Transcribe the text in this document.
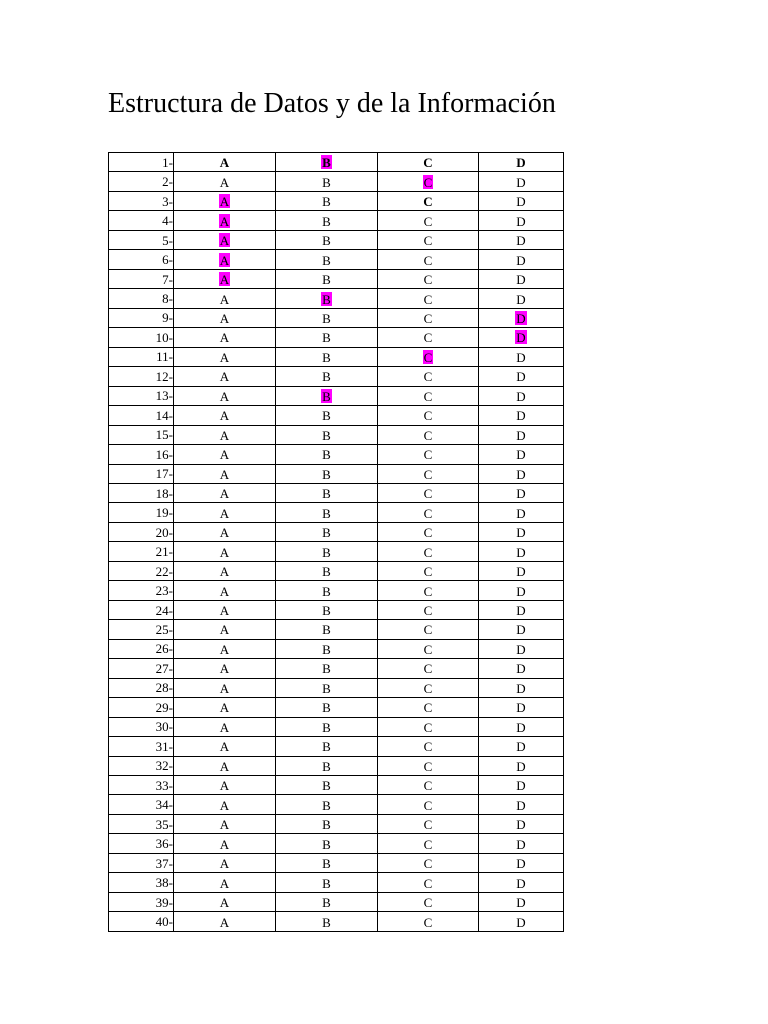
Estructura de Datos y de la Información
1-	A	B	C	D
2-	A	B	C	D
3-	A	B	C	D
4-	A	B	C	D
5-	A	B	C	D
6-	A	B	C	D
7-	A	B	C	D
8-	A	B	C	D
9-	A	B	C	D
10-	A	B	C	D
11-	A	B	C	D
12-	A	B	C	D
13-	A	B	C	D
14-	A	B	C	D
15-	A	B	C	D
16-	A	B	C	D
17-	A	B	C	D
18-	A	B	C	D
19-	A	B	C	D
20-	A	B	C	D
21-	A	B	C	D
22-	A	B	C	D
23-	A	B	C	D
24-	A	B	C	D
25-	A	B	C	D
26-	A	B	C	D
27-	A	B	C	D
28-	A	B	C	D
29-	A	B	C	D
30-	A	B	C	D
31-	A	B	C	D
32-	A	B	C	D
33-	A	B	C	D
34-	A	B	C	D
35-	A	B	C	D
36-	A	B	C	D
37-	A	B	C	D
38-	A	B	C	D
39-	A	B	C	D
40-	A	B	C	D
